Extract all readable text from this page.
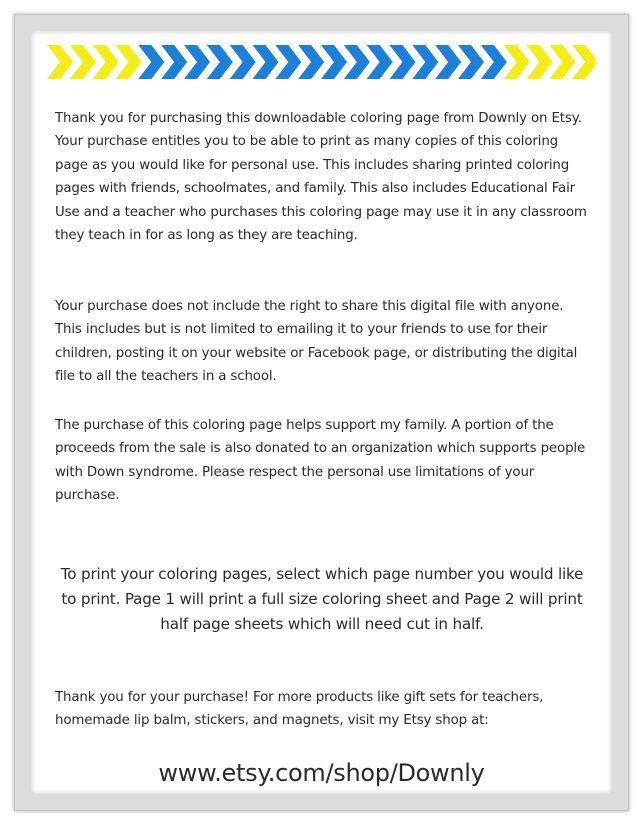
Thank you for purchasing this downloadable coloring page from Downly on Etsy. Your purchase entitles you to be able to print as many copies of this coloring page as you would like for personal use. This includes sharing printed coloring pages with friends, schoolmates, and family. This also includes Educational Fair Use and a teacher who purchases this coloring page may use it in any classroom they teach in for as long as they are teaching.
Your purchase does not include the right to share this digital file with anyone. This includes but is not limited to emailing it to your friends to use for their children, posting it on your website or Facebook page, or distributing the digital file to all the teachers in a school.
The purchase of this coloring page helps support my family. A portion of the proceeds from the sale is also donated to an organization which supports people with Down syndrome. Please respect the personal use limitations of your purchase.
To print your coloring pages, select which page number you would like to print. Page 1 will print a full size coloring sheet and Page 2 will print half page sheets which will need cut in half.
Thank you for your purchase! For more products like gift sets for teachers, homemade lip balm, stickers, and magnets, visit my Etsy shop at:
www.etsy.com/shop/Downly
